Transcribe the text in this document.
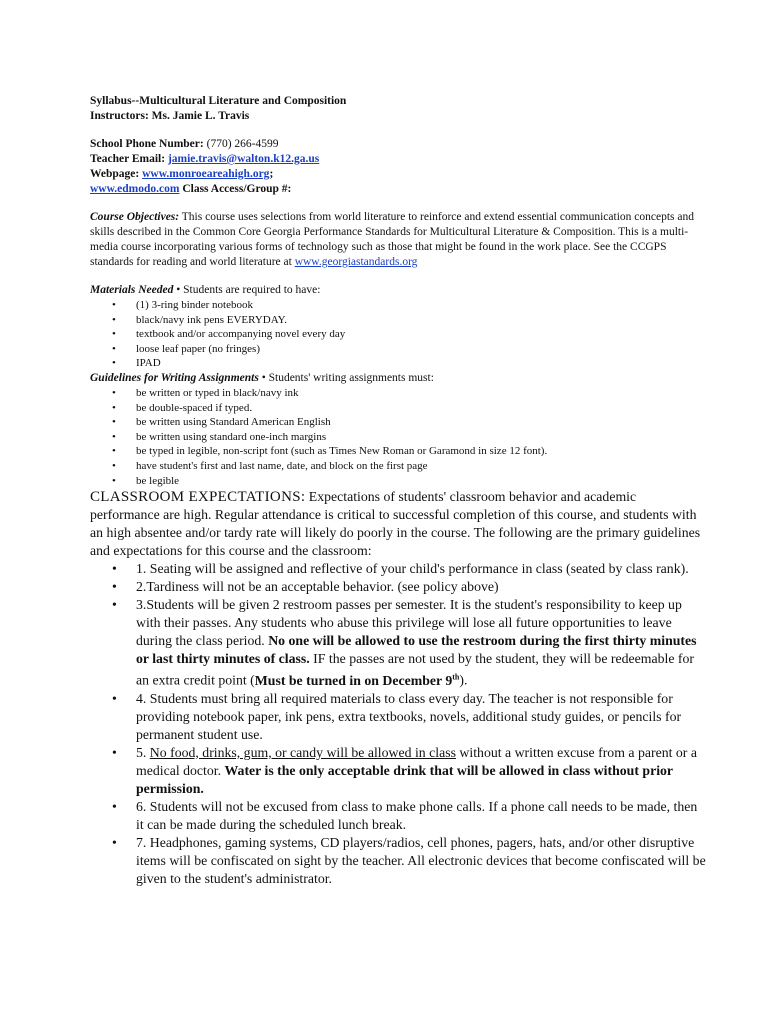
Syllabus--Multicultural Literature and Composition
Instructors: Ms. Jamie L. Travis
School Phone Number: (770) 266-4599
Teacher Email: jamie.travis@walton.k12.ga.us
Webpage: www.monroeareahigh.org;
www.edmodo.com Class Access/Group #:
Course Objectives: This course uses selections from world literature to reinforce and extend essential communication concepts and skills described in the Common Core Georgia Performance Standards for Multicultural Literature & Composition. This is a multi-media course incorporating various forms of technology such as those that might be found in the work place. See the CCGPS standards for reading and world literature at www.georgiastandards.org
Materials Needed • Students are required to have:
• (1) 3-ring binder notebook
• black/navy ink pens EVERYDAY.
• textbook and/or accompanying novel every day
• loose leaf paper (no fringes)
• IPAD
Guidelines for Writing Assignments • Students' writing assignments must:
• be written or typed in black/navy ink
• be double-spaced if typed.
• be written using Standard American English
• be written using standard one-inch margins
• be typed in legible, non-script font (such as Times New Roman or Garamond in size 12 font).
• have student's first and last name, date, and block on the first page
• be legible
CLASSROOM EXPECTATIONS: Expectations of students' classroom behavior and academic performance are high. Regular attendance is critical to successful completion of this course, and students with an high absentee and/or tardy rate will likely do poorly in the course. The following are the primary guidelines and expectations for this course and the classroom:
• 1. Seating will be assigned and reflective of your child's performance in class (seated by class rank).
• 2.Tardiness will not be an acceptable behavior. (see policy above)
• 3.Students will be given 2 restroom passes per semester. It is the student's responsibility to keep up with their passes. Any students who abuse this privilege will lose all future opportunities to leave during the class period. No one will be allowed to use the restroom during the first thirty minutes or last thirty minutes of class. IF the passes are not used by the student, they will be redeemable for an extra credit point (Must be turned in on December 9th).
• 4. Students must bring all required materials to class every day. The teacher is not responsible for providing notebook paper, ink pens, extra textbooks, novels, additional study guides, or pencils for permanent student use.
• 5. No food, drinks, gum, or candy will be allowed in class without a written excuse from a parent or a medical doctor. Water is the only acceptable drink that will be allowed in class without prior permission.
• 6. Students will not be excused from class to make phone calls. If a phone call needs to be made, then it can be made during the scheduled lunch break.
• 7. Headphones, gaming systems, CD players/radios, cell phones, pagers, hats, and/or other disruptive items will be confiscated on sight by the teacher. All electronic devices that become confiscated will be given to the student's administrator.
